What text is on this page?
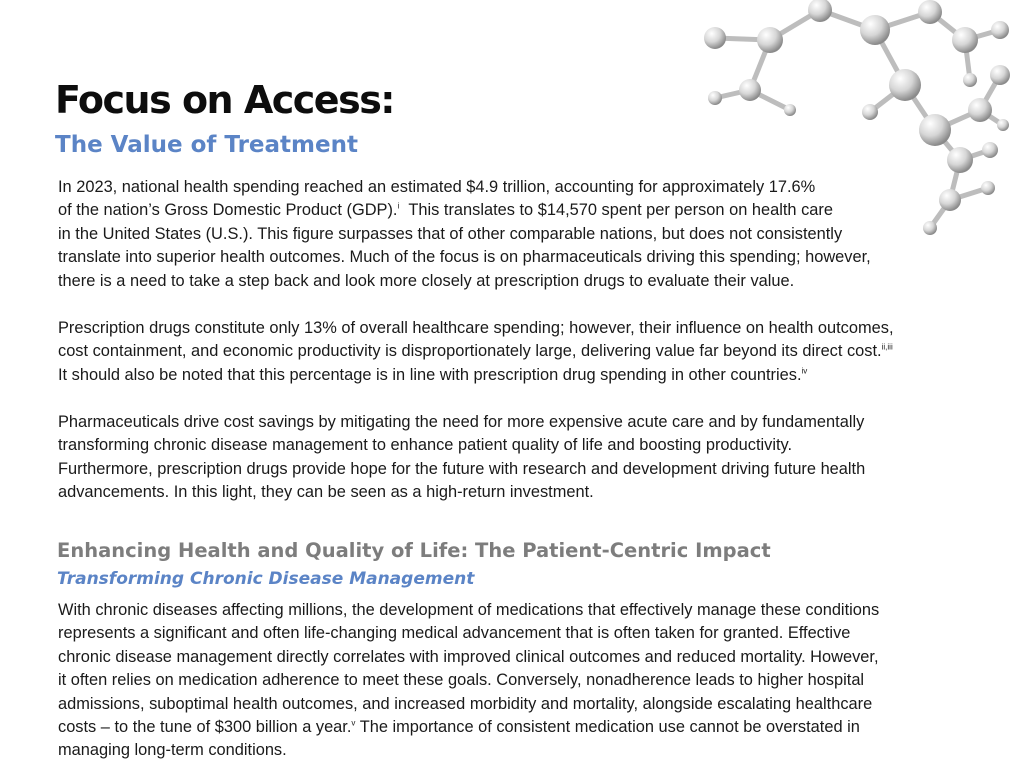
Focus on Access:
The Value of Treatment

In 2023, national health spending reached an estimated $4.9 trillion, accounting for approximately 17.6%
of the nation’s Gross Domestic Product (GDP).$^i$ This translates to $14,570 spent per person on health care
in the United States (U.S.). This figure surpasses that of other comparable nations, but does not consistently
translate into superior health outcomes. Much of the focus is on pharmaceuticals driving this spending; however,
there is a need to take a step back and look more closely at prescription drugs to evaluate their value.

Prescription drugs constitute only 13% of overall healthcare spending; however, their influence on health outcomes,
cost containment, and economic productivity is disproportionately large, delivering value far beyond its direct cost.$^{ii,iii}$
It should also be noted that this percentage is in line with prescription drug spending in other countries.$^{iv}$

Pharmaceuticals drive cost savings by mitigating the need for more expensive acute care and by fundamentally
transforming chronic disease management to enhance patient quality of life and boosting productivity.
Furthermore, prescription drugs provide hope for the future with research and development driving future health
advancements. In this light, they can be seen as a high-return investment.

Enhancing Health and Quality of Life: The Patient-Centric Impact
Transforming Chronic Disease Management

With chronic diseases affecting millions, the development of medications that effectively manage these conditions
represents a significant and often life-changing medical advancement that is often taken for granted. Effective
chronic disease management directly correlates with improved clinical outcomes and reduced mortality. However,
it often relies on medication adherence to meet these goals. Conversely, nonadherence leads to higher hospital
admissions, suboptimal health outcomes, and increased morbidity and mortality, alongside escalating healthcare
costs – to the tune of $300 billion a year.$^v$ The importance of consistent medication use cannot be overstated in
managing long-term conditions.
